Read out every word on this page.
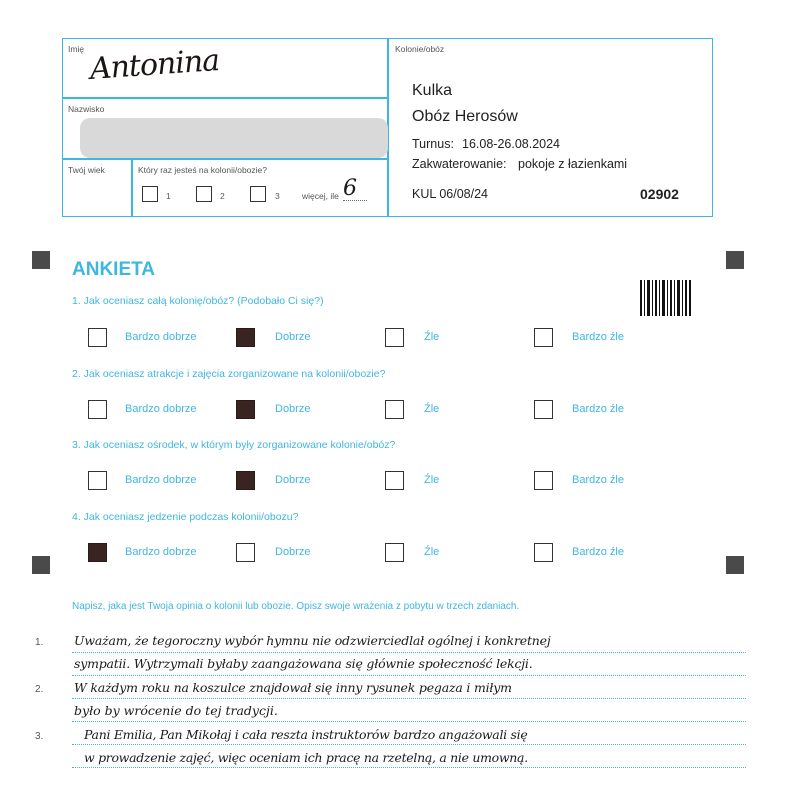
Imię Antonina
Nazwisko
Twój wiek	Który raz jesteś na kolonii/obozie?
1	2	3	więcej, ile 6
Kolonie/obóz
Kulka
Obóz Herosów
Turnus: 16.08-26.08.2024
Zakwaterowanie: pokoje z łazienkami
KUL 06/08/24	02902
ANKIETA
1. Jak oceniasz całą kolonię/obóz? (Podobało Ci się?)
Bardzo dobrze	Dobrze	Źle	Bardzo źle
2. Jak oceniasz atrakcje i zajęcia zorganizowane na kolonii/obozie?
Bardzo dobrze	Dobrze	Źle	Bardzo źle
3. Jak oceniasz ośrodek, w którym były zorganizowane kolonie/obóz?
Bardzo dobrze	Dobrze	Źle	Bardzo źle
4. Jak oceniasz jedzenie podczas kolonii/obozu?
Bardzo dobrze	Dobrze	Źle	Bardzo źle
Napisz, jaka jest Twoja opinia o kolonii lub obozie. Opisz swoje wrażenia z pobytu w trzech zdaniach.
1.
2.
3.
Uważam, że tegoroczny wybór hymnu nie odzwierciedlał ogólnej i konkretnej
sympatii. Wytrzymali byłaby zaangażowana się głównie społeczność lekcji.
W każdym roku na koszulce znajdował się inny rysunek pegaza i miłym
było by wrócenie do tej tradycji.
Pani Emilia, Pan Mikołaj i cała reszta instruktorów bardzo angażowali się
w prowadzenie zajęć, więc oceniam ich pracę na rzetelną, a nie umowną.
